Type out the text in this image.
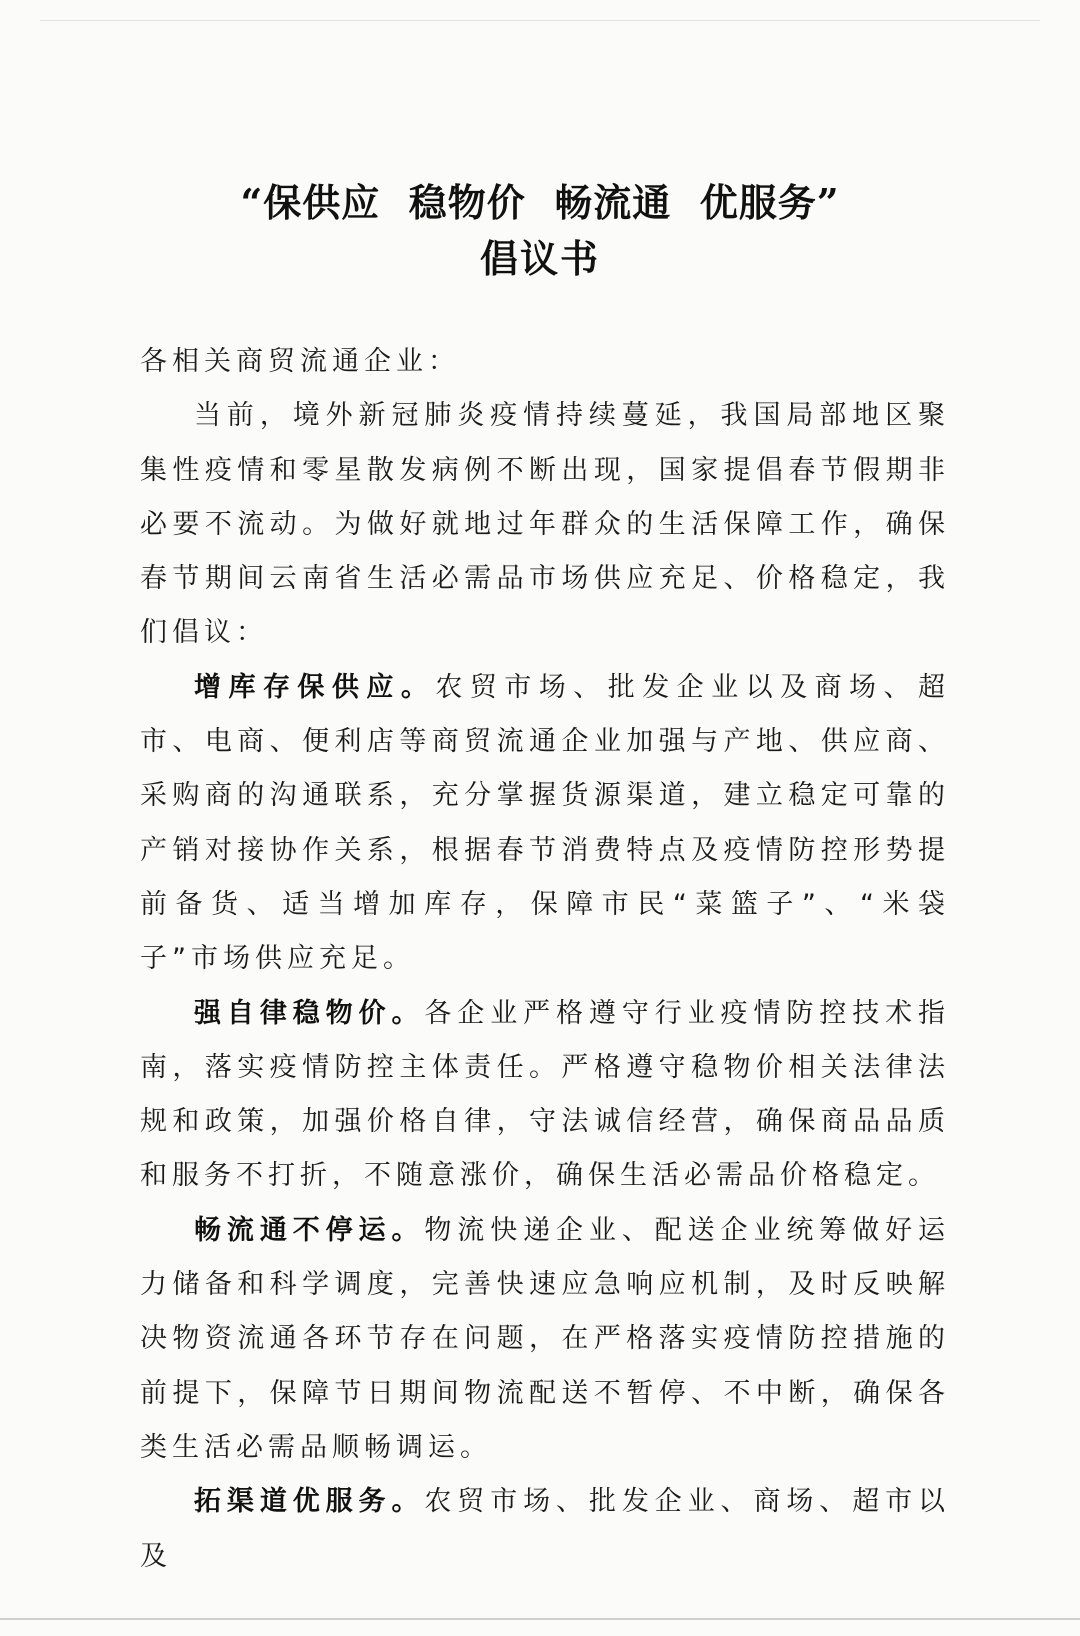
“保供应  稳物价  畅流通  优服务”
倡议书

各相关商贸流通企业：

当前，境外新冠肺炎疫情持续蔓延，我国局部地区聚集性疫情和零星散发病例不断出现，国家提倡春节假期非必要不流动。为做好就地过年群众的生活保障工作，确保春节期间云南省生活必需品市场供应充足、价格稳定，我们倡议：

增库存保供应。农贸市场、批发企业以及商场、超市、电商、便利店等商贸流通企业加强与产地、供应商、采购商的沟通联系，充分掌握货源渠道，建立稳定可靠的产销对接协作关系，根据春节消费特点及疫情防控形势提前备货、适当增加库存，保障市民“菜篮子”、“米袋子”市场供应充足。

强自律稳物价。各企业严格遵守行业疫情防控技术指南，落实疫情防控主体责任。严格遵守稳物价相关法律法规和政策，加强价格自律，守法诚信经营，确保商品品质和服务不打折，不随意涨价，确保生活必需品价格稳定。

畅流通不停运。物流快递企业、配送企业统筹做好运力储备和科学调度，完善快速应急响应机制，及时反映解决物资流通各环节存在问题，在严格落实疫情防控措施的前提下，保障节日期间物流配送不暂停、不中断，确保各类生活必需品顺畅调运。

拓渠道优服务。农贸市场、批发企业、商场、超市以及
